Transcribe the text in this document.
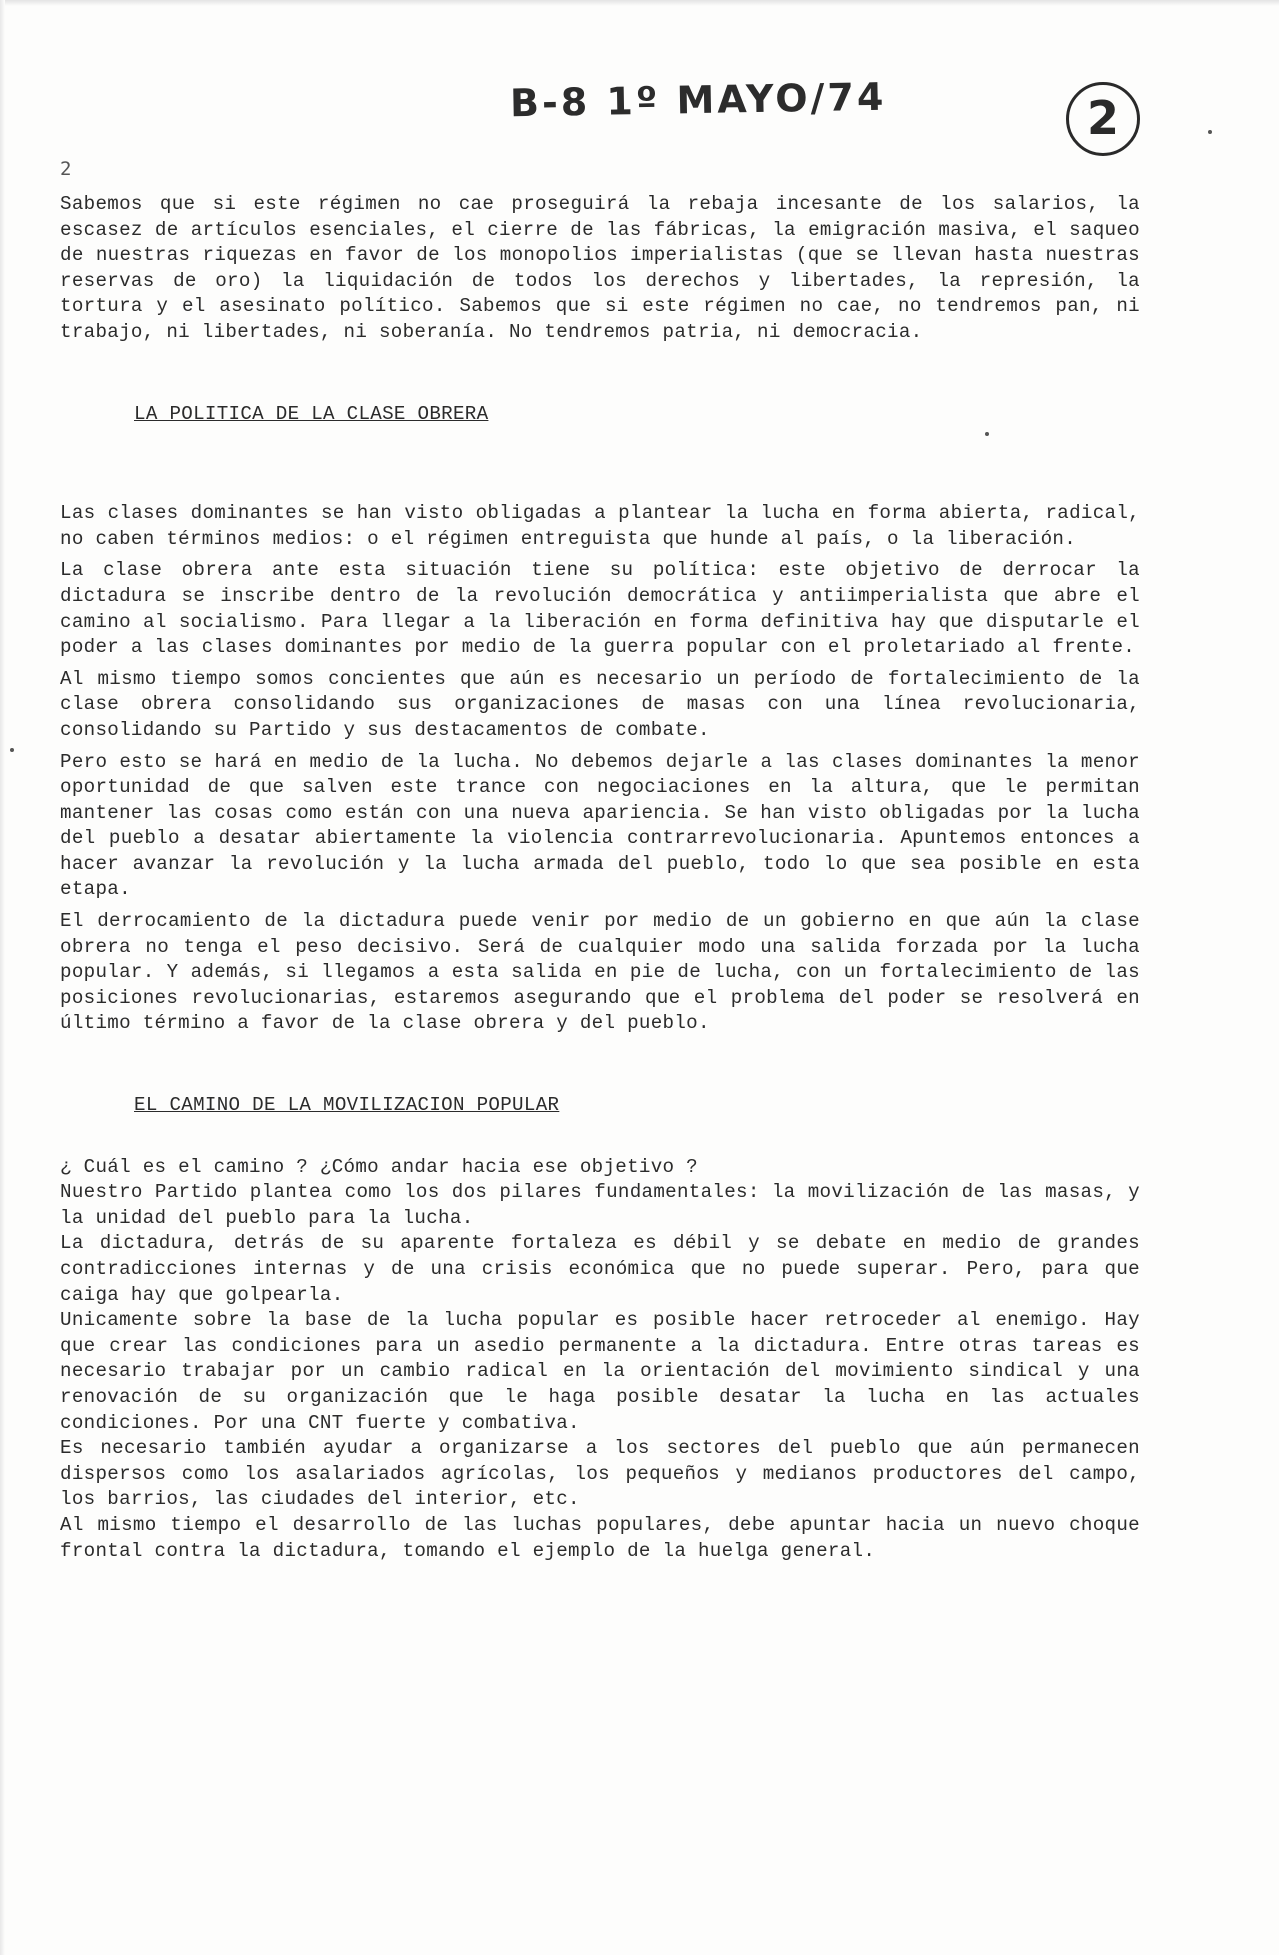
B-8 1º MAYO/74	2
2

Sabemos que si este régimen no cae proseguirá la rebaja incesante de los salarios, la escasez de artículos esenciales, el cierre de las fábricas, la emigración masiva, el saqueo de nuestras riquezas en favor de los monopolios imperialistas (que se llevan hasta nuestras reservas de oro) la liquidación de todos los derechos y libertades, la represión, la tortura y el asesinato político. Sabemos que si este régimen no cae, no tendremos pan, ni trabajo, ni libertades, ni soberanía. No tendremos patria, ni democracia.

LA POLITICA DE LA CLASE OBRERA

Las clases dominantes se han visto obligadas a plantear la lucha en forma abierta, radical, no caben términos medios: o el régimen entreguista que hunde al país, o la liberación.

La clase obrera ante esta situación tiene su política: este objetivo de derrocar la dictadura se inscribe dentro de la revolución democrática y antiimperialista que abre el camino al socialismo. Para llegar a la liberación en forma definitiva hay que disputarle el poder a las clases dominantes por medio de la guerra popular con el proletariado al frente.

Al mismo tiempo somos concientes que aún es necesario un período de fortalecimiento de la clase obrera consolidando sus organizaciones de masas con una línea revolucionaria, consolidando su Partido y sus destacamentos de combate.

Pero esto se hará en medio de la lucha. No debemos dejarle a las clases dominantes la menor oportunidad de que salven este trance con negociaciones en la altura, que le permitan mantener las cosas como están con una nueva apariencia. Se han visto obligadas por la lucha del pueblo a desatar abiertamente la violencia contrarrevolucionaria. Apuntemos entonces a hacer avanzar la revolución y la lucha armada del pueblo, todo lo que sea posible en esta etapa.

El derrocamiento de la dictadura puede venir por medio de un gobierno en que aún la clase obrera no tenga el peso decisivo. Será de cualquier modo una salida forzada por la lucha popular. Y además, si llegamos a esta salida en pie de lucha, con un fortalecimiento de las posiciones revolucionarias, estaremos asegurando que el problema del poder se resolverá en último término a favor de la clase obrera y del pueblo.

EL CAMINO DE LA MOVILIZACION POPULAR

¿ Cuál es el camino ? ¿Cómo andar hacia ese objetivo ?

Nuestro Partido plantea como los dos pilares fundamentales: la movilización de las masas, y la unidad del pueblo para la lucha.

La dictadura, detrás de su aparente fortaleza es débil y se debate en medio de grandes contradicciones internas y de una crisis económica que no puede superar. Pero, para que caiga hay que golpearla.

Unicamente sobre la base de la lucha popular es posible hacer retroceder al enemigo. Hay que crear las condiciones para un asedio permanente a la dictadura. Entre otras tareas es necesario trabajar por un cambio radical en la orientación del movimiento sindical y una renovación de su organización que le haga posible desatar la lucha en las actuales condiciones. Por una CNT fuerte y combativa.

Es necesario también ayudar a organizarse a los sectores del pueblo que aún permanecen dispersos como los asalariados agrícolas, los pequeños y medianos productores del campo, los barrios, las ciudades del interior, etc.

Al mismo tiempo el desarrollo de las luchas populares, debe apuntar hacia un nuevo choque frontal contra la dictadura, tomando el ejemplo de la huelga general.
